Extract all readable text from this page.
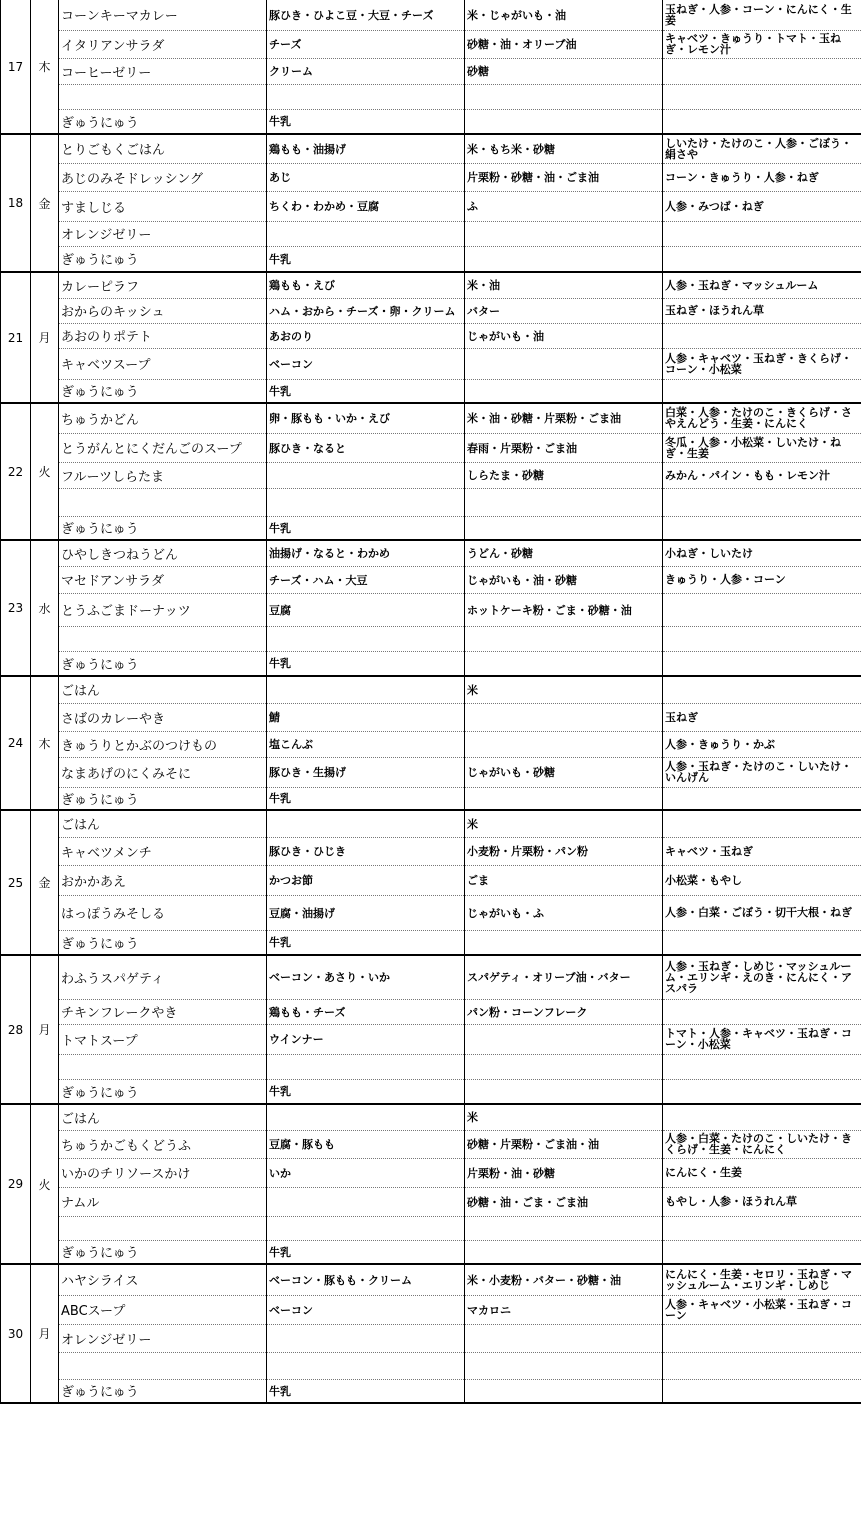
17	木	コーンキーマカレー	豚ひき・ひよこ豆・大豆・チーズ	米・じゃがいも・油	玉ねぎ・人参・コーン・にんにく・生姜
		イタリアンサラダ	チーズ	砂糖・油・オリーブ油	キャベツ・きゅうり・トマト・玉ねぎ・レモン汁
		コーヒーゼリー	クリーム	砂糖	

		ぎゅうにゅう	牛乳		
18	金	とりごもくごはん	鶏もも・油揚げ	米・もち米・砂糖	しいたけ・たけのこ・人参・ごぼう・絹さや
		あじのみそドレッシング	あじ	片栗粉・砂糖・油・ごま油	コーン・きゅうり・人参・ねぎ
		すましじる	ちくわ・わかめ・豆腐	ふ	人参・みつば・ねぎ
		オレンジゼリー			
		ぎゅうにゅう	牛乳		
21	月	カレーピラフ	鶏もも・えび	米・油	人参・玉ねぎ・マッシュルーム
		おからのキッシュ	ハム・おから・チーズ・卵・クリーム	バター	玉ねぎ・ほうれん草
		あおのりポテト	あおのり	じゃがいも・油	
		キャベツスープ	ベーコン		人参・キャベツ・玉ねぎ・きくらげ・コーン・小松菜
		ぎゅうにゅう	牛乳		
22	火	ちゅうかどん	卵・豚もも・いか・えび	米・油・砂糖・片栗粉・ごま油	白菜・人参・たけのこ・きくらげ・さやえんどう・生姜・にんにく
		とうがんとにくだんごのスープ	豚ひき・なると	春雨・片栗粉・ごま油	冬瓜・人参・小松菜・しいたけ・ねぎ・生姜
		フルーツしらたま		しらたま・砂糖	みかん・パイン・もも・レモン汁

		ぎゅうにゅう	牛乳		
23	水	ひやしきつねうどん	油揚げ・なると・わかめ	うどん・砂糖	小ねぎ・しいたけ
		マセドアンサラダ	チーズ・ハム・大豆	じゃがいも・油・砂糖	きゅうり・人参・コーン
		とうふごまドーナッツ	豆腐	ホットケーキ粉・ごま・砂糖・油	

		ぎゅうにゅう	牛乳		
24	木	ごはん		米	
		さばのカレーやき	鯖		玉ねぎ
		きゅうりとかぶのつけもの	塩こんぶ		人参・きゅうり・かぶ
		なまあげのにくみそに	豚ひき・生揚げ	じゃがいも・砂糖	人参・玉ねぎ・たけのこ・しいたけ・いんげん
		ぎゅうにゅう	牛乳		
25	金	ごはん		米	
		キャベツメンチ	豚ひき・ひじき	小麦粉・片栗粉・パン粉	キャベツ・玉ねぎ
		おかかあえ	かつお節	ごま	小松菜・もやし
		はっぽうみそしる	豆腐・油揚げ	じゃがいも・ふ	人参・白菜・ごぼう・切干大根・ねぎ
		ぎゅうにゅう	牛乳		
28	月	わふうスパゲティ	ベーコン・あさり・いか	スパゲティ・オリーブ油・バター	人参・玉ねぎ・しめじ・マッシュルーム・エリンギ・えのき・にんにく・アスパラ
		チキンフレークやき	鶏もも・チーズ	パン粉・コーンフレーク	
		トマトスープ	ウインナー		トマト・人参・キャベツ・玉ねぎ・コーン・小松菜

		ぎゅうにゅう	牛乳		
29	火	ごはん		米	
		ちゅうかごもくどうふ	豆腐・豚もも	砂糖・片栗粉・ごま油・油	人参・白菜・たけのこ・しいたけ・きくらげ・生姜・にんにく
		いかのチリソースかけ	いか	片栗粉・油・砂糖	にんにく・生姜
		ナムル		砂糖・油・ごま・ごま油	もやし・人参・ほうれん草

		ぎゅうにゅう	牛乳		
30	月	ハヤシライス	ベーコン・豚もも・クリーム	米・小麦粉・バター・砂糖・油	にんにく・生姜・セロリ・玉ねぎ・マッシュルーム・エリンギ・しめじ
		ABCスープ	ベーコン	マカロニ	人参・キャベツ・小松菜・玉ねぎ・コーン
		オレンジゼリー			

		ぎゅうにゅう	牛乳		
